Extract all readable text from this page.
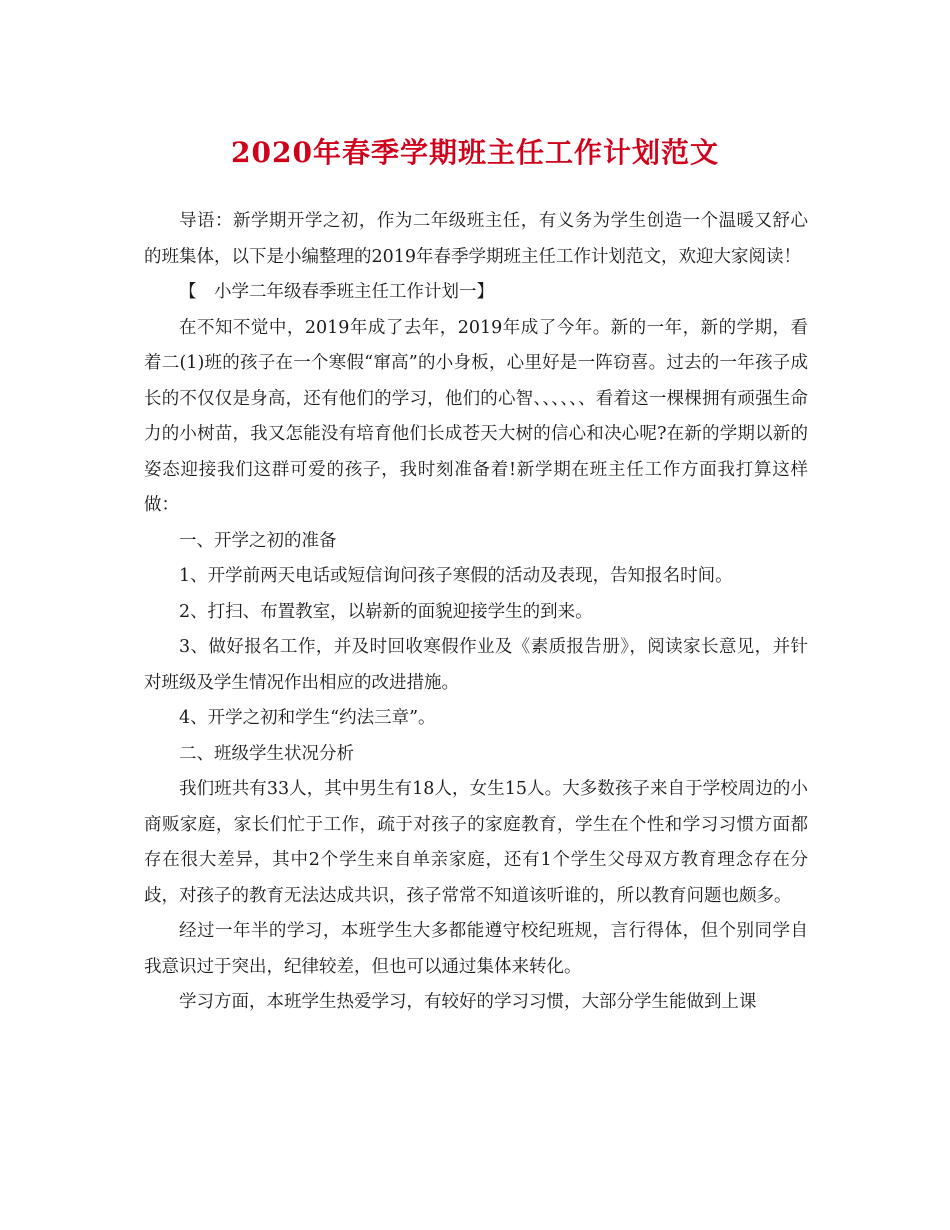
2020年春季学期班主任工作计划范文

导语：新学期开学之初，作为二年级班主任，有义务为学生创造一个温暖又舒心的班集体，以下是小编整理的2019年春季学期班主任工作计划范文，欢迎大家阅读！

【　小学二年级春季班主任工作计划一】

在不知不觉中，2019年成了去年，2019年成了今年。新的一年，新的学期，看着二(1)班的孩子在一个寒假“窜高”的小身板，心里好是一阵窃喜。过去的一年孩子成长的不仅仅是身高，还有他们的学习，他们的心智、、、、、、看着这一棵棵拥有顽强生命力的小树苗，我又怎能没有培育他们长成苍天大树的信心和决心呢?在新的学期以新的姿态迎接我们这群可爱的孩子，我时刻准备着!新学期在班主任工作方面我打算这样做：

一、开学之初的准备

1、开学前两天电话或短信询问孩子寒假的活动及表现，告知报名时间。

2、打扫、布置教室，以崭新的面貌迎接学生的到来。

3、做好报名工作，并及时回收寒假作业及《素质报告册》，阅读家长意见，并针对班级及学生情况作出相应的改进措施。

4、开学之初和学生“约法三章”。

二、班级学生状况分析

我们班共有33人，其中男生有18人，女生15人。大多数孩子来自于学校周边的小商贩家庭，家长们忙于工作，疏于对孩子的家庭教育，学生在个性和学习习惯方面都存在很大差异，其中2个学生来自单亲家庭，还有1个学生父母双方教育理念存在分歧，对孩子的教育无法达成共识，孩子常常不知道该听谁的，所以教育问题也颇多。

经过一年半的学习，本班学生大多都能遵守校纪班规，言行得体，但个别同学自我意识过于突出，纪律较差，但也可以通过集体来转化。

学习方面，本班学生热爱学习，有较好的学习习惯，大部分学生能做到上课
